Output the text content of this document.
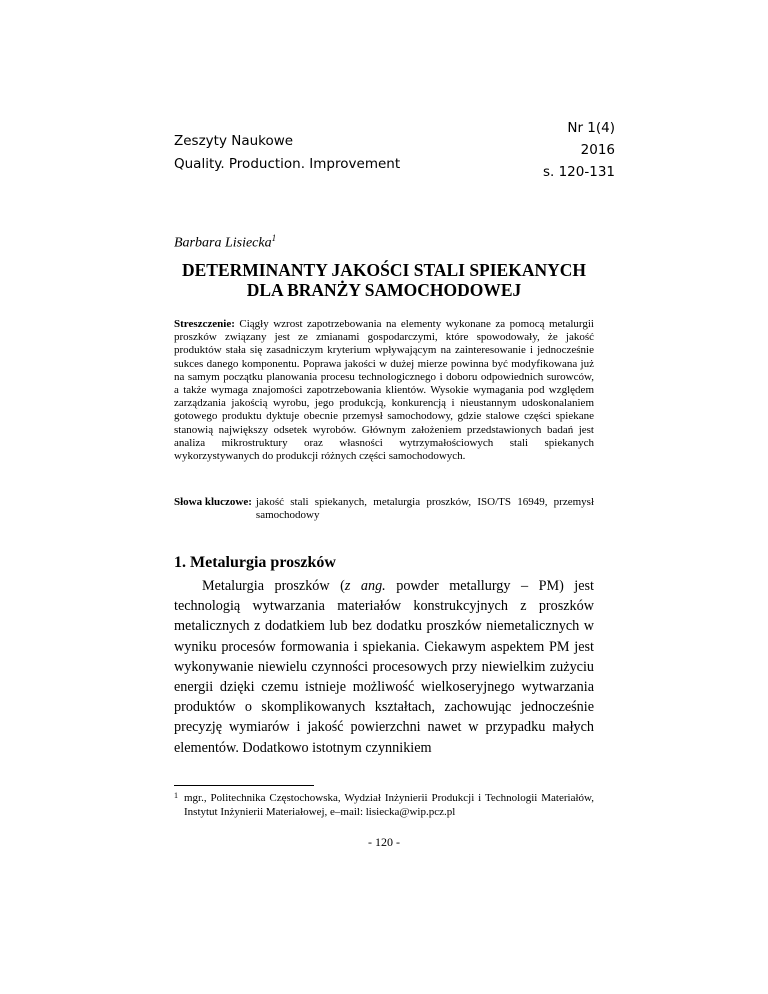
Zeszyty Naukowe
Quality. Production. Improvement
Nr 1(4)
2016
s. 120-131
Barbara Lisiecka$^1$
DETERMINANTY JAKOŚCI STALI SPIEKANYCH
DLA BRANŻY SAMOCHODOWEJ

Streszczenie: Ciągły wzrost zapotrzebowania na elementy wykonane za pomocą metalurgii proszków związany jest ze zmianami gospodarczymi, które spowodowały, że jakość produktów stała się zasadniczym kryterium wpływającym na zainteresowanie i jednocześnie sukces danego komponentu. Poprawa jakości w dużej mierze powinna być modyfikowana już na samym początku planowania procesu technologicznego i doboru odpowiednich surowców, a także wymaga znajomości zapotrzebowania klientów. Wysokie wymagania pod względem zarządzania jakością wyrobu, jego produkcją, konkurencją i nieustannym udoskonalaniem gotowego produktu dyktuje obecnie przemysł samochodowy, gdzie stalowe części spiekane stanowią największy odsetek wyrobów. Głównym założeniem przedstawionych badań jest analiza mikrostruktury oraz własności wytrzymałościowych stali spiekanych wykorzystywanych do produkcji różnych części samochodowych.

Słowa kluczowe: jakość stali spiekanych, metalurgia proszków, ISO/TS 16949, przemysł samochodowy
1. Metalurgia proszków

Metalurgia proszków (z ang. powder metallurgy – PM) jest technologią wytwarzania materiałów konstrukcyjnych z proszków metalicznych z dodatkiem lub bez dodatku proszków niemetalicznych w wyniku procesów formowania i spiekania. Ciekawym aspektem PM jest wykonywanie niewielu czynności procesowych przy niewielkim zużyciu energii dzięki czemu istnieje możliwość wielkoseryjnego wytwarzania produktów o skomplikowanych kształtach, zachowując jednocześnie precyzję wymiarów i jakość powierzchni nawet w przypadku małych elementów. Dodatkowo istotnym czynnikiem

1 mgr., Politechnika Częstochowska, Wydział Inżynierii Produkcji i Technologii Materiałów, Instytut Inżynierii Materiałowej, e–mail: lisiecka@wip.pcz.pl
- 120 -
